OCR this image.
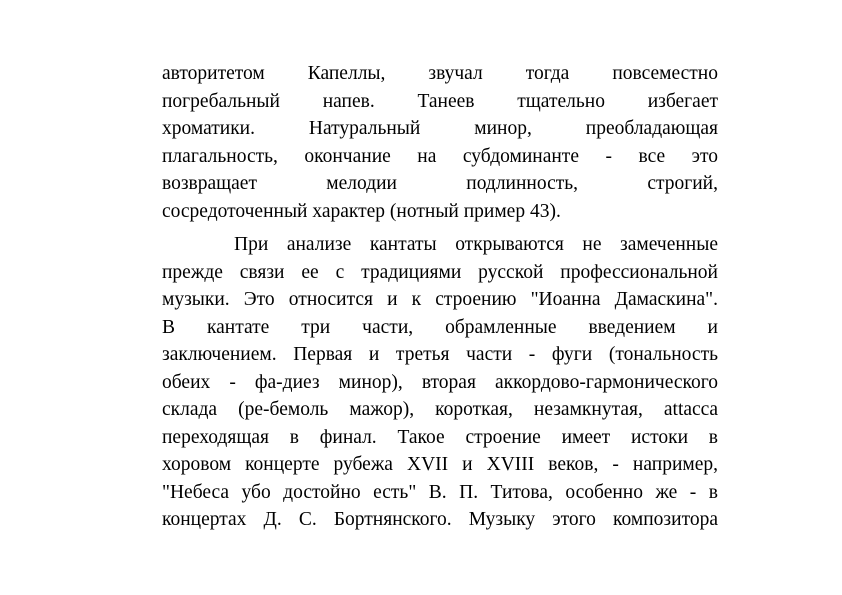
авторитетом Капеллы, звучал тогда повсеместно
погребальный напев. Танеев тщательно избегает
хроматики. Натуральный минор, преобладающая
плагальность, окончание на субдоминанте - все это
возвращает мелодии подлинность, строгий,
сосредоточенный характер (нотный пример 43).
При анализе кантаты открываются не замеченные
прежде связи ее с традициями русской профессиональной
музыки. Это относится и к строению "Иоанна Дамаскина".
В кантате три части, обрамленные введением и
заключением. Первая и третья части - фуги (тональность
обеих - фа-диез минор), вторая аккордово-гармонического
склада (ре-бемоль мажор), короткая, незамкнутая, attacca
переходящая в финал. Такое строение имеет истоки в
хоровом концерте рубежа XVII и XVIII веков, - например,
"Небеса убо достойно есть" В. П. Титова, особенно же - в
концертах Д. С. Бортнянского. Музыку этого композитора
